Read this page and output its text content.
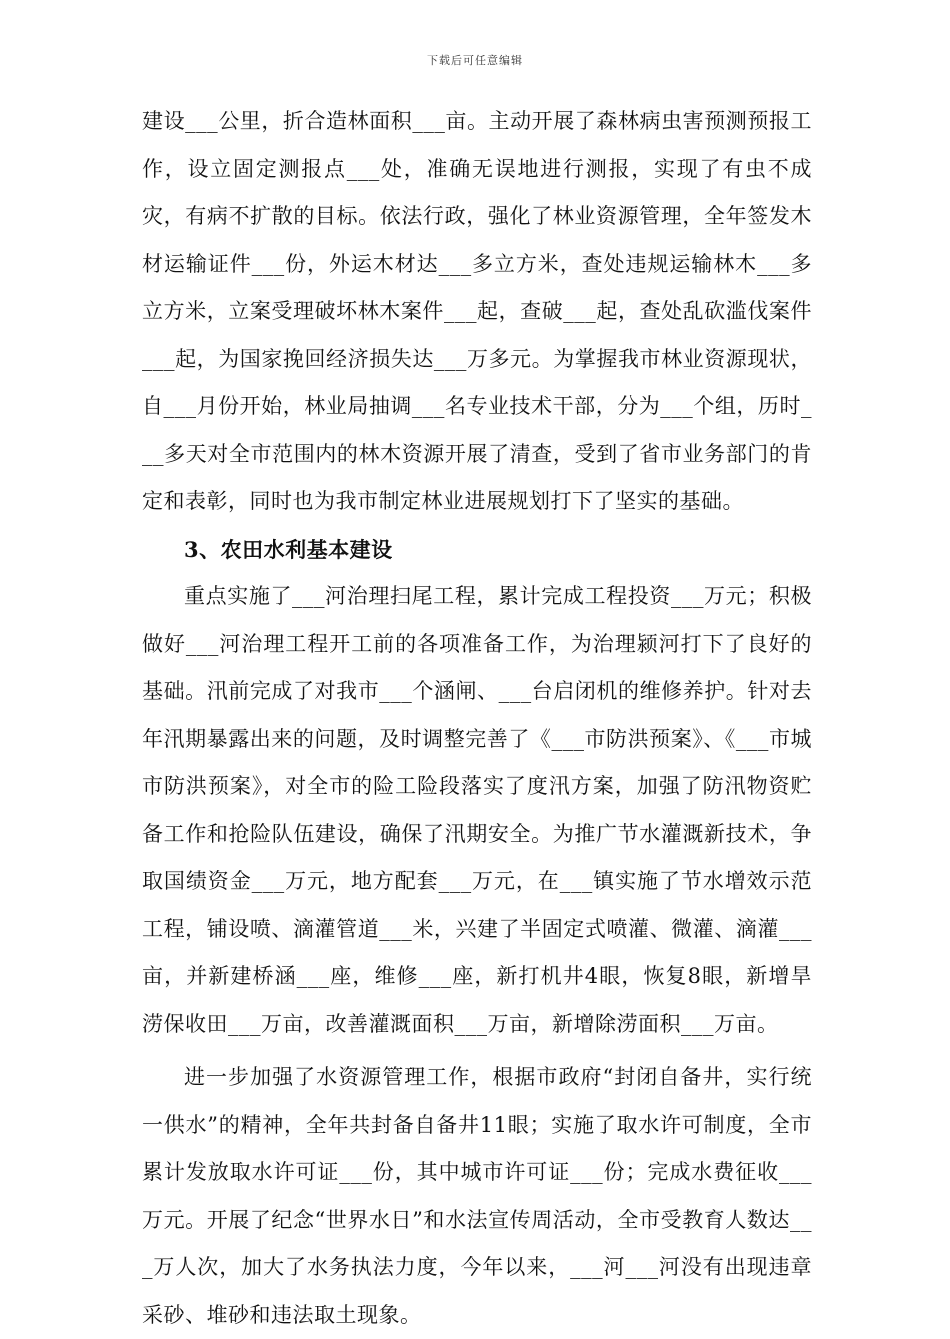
下载后可任意编辑

建设___公里，折合造林面积___亩。主动开展了森林病虫害预测预报工作，设立固定测报点___处，准确无误地进行测报，实现了有虫不成灾，有病不扩散的目标。依法行政，强化了林业资源管理，全年签发木材运输证件___份，外运木材达___多立方米，查处违规运输林木___多立方米，立案受理破坏林木案件___起，查破___起，查处乱砍滥伐案件___起，为国家挽回经济损失达___万多元。为掌握我市林业资源现状，自___月份开始，林业局抽调___名专业技术干部，分为___个组，历时___多天对全市范围内的林木资源开展了清查，受到了省市业务部门的肯定和表彰，同时也为我市制定林业进展规划打下了坚实的基础。

3、农田水利基本建设

重点实施了___河治理扫尾工程，累计完成工程投资___万元；积极做好___河治理工程开工前的各项准备工作，为治理颍河打下了良好的基础。汛前完成了对我市___个涵闸、___台启闭机的维修养护。针对去年汛期暴露出来的问题，及时调整完善了《___市防洪预案》、《___市城市防洪预案》，对全市的险工险段落实了度汛方案，加强了防汛物资贮备工作和抢险队伍建设，确保了汛期安全。为推广节水灌溉新技术，争取国绩资金___万元，地方配套___万元，在___镇实施了节水增效示范工程，铺设喷、滴灌管道___米，兴建了半固定式喷灌、微灌、滴灌___亩，并新建桥涵___座，维修___座，新打机井4眼，恢复8眼，新增旱涝保收田___万亩，改善灌溉面积___万亩，新增除涝面积___万亩。

进一步加强了水资源管理工作，根据市政府“封闭自备井，实行统一供水”的精神，全年共封备自备井11眼；实施了取水许可制度，全市累计发放取水许可证___份，其中城市许可证___份；完成水费征收___万元。开展了纪念“世界水日”和水法宣传周活动，全市受教育人数达___万人次，加大了水务执法力度，今年以来，___河___河没有出现违章采砂、堆砂和违法取土现象。
